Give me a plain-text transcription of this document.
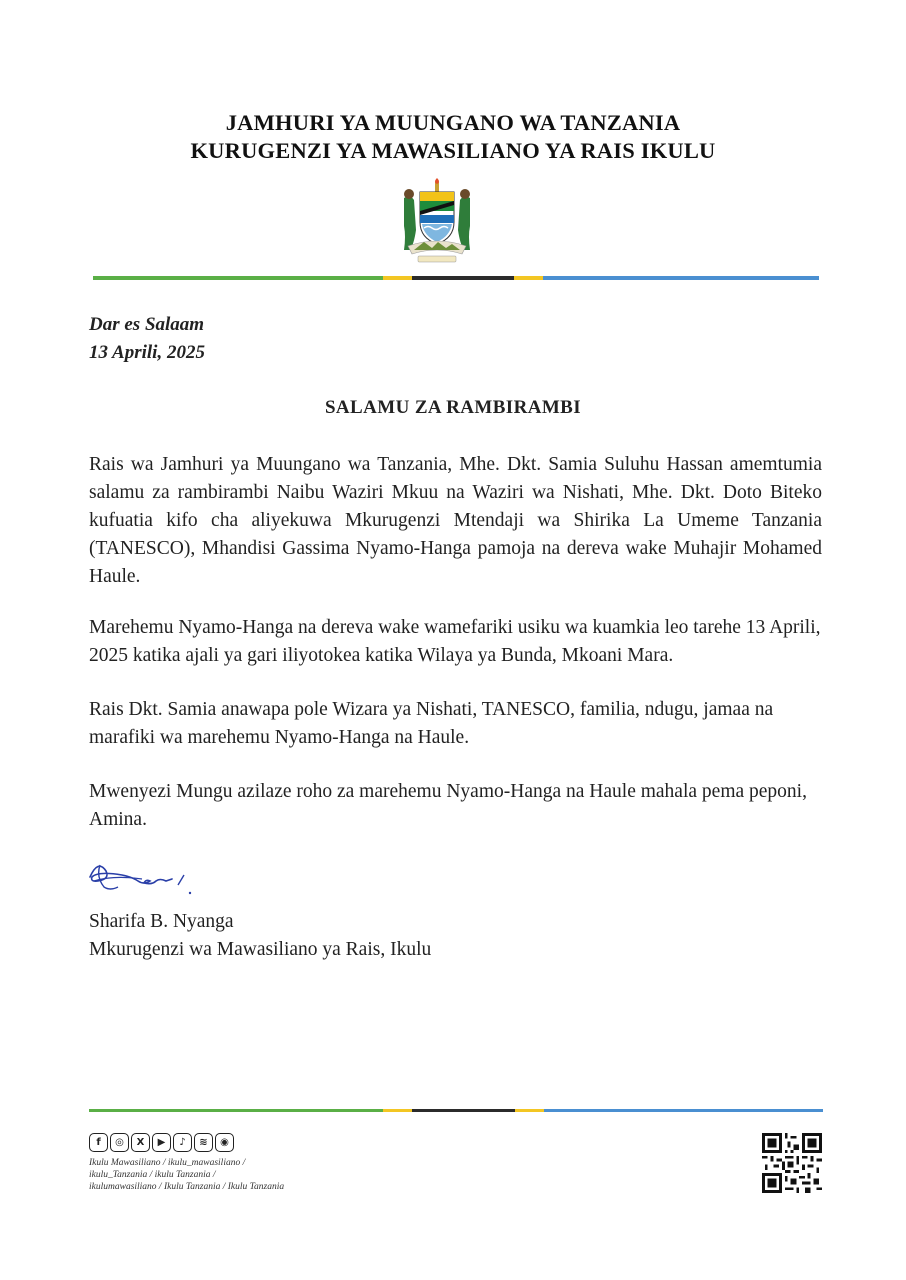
JAMHURI YA MUUNGANO WA TANZANIA
KURUGENZI YA MAWASILIANO YA RAIS IKULU
Dar es Salaam
13 Aprili, 2025
SALAMU ZA RAMBIRAMBI
Rais wa Jamhuri ya Muungano wa Tanzania, Mhe. Dkt. Samia Suluhu Hassan amemtumia salamu za rambirambi Naibu Waziri Mkuu na Waziri wa Nishati, Mhe. Dkt. Doto Biteko kufuatia kifo cha aliyekuwa Mkurugenzi Mtendaji wa Shirika La Umeme Tanzania (TANESCO), Mhandisi Gassima Nyamo-Hanga pamoja na dereva wake Muhajir Mohamed Haule.
Marehemu Nyamo-Hanga na dereva wake wamefariki usiku wa kuamkia leo tarehe 13 Aprili, 2025 katika ajali ya gari iliyotokea katika Wilaya ya Bunda, Mkoani Mara.
Rais Dkt. Samia anawapa pole Wizara ya Nishati, TANESCO, familia, ndugu, jamaa na marafiki wa marehemu Nyamo-Hanga na Haule.
Mwenyezi Mungu azilaze roho za marehemu Nyamo-Hanga na Haule mahala pema peponi, Amina.
Sharifa B. Nyanga
Mkurugenzi wa Mawasiliano ya Rais, Ikulu
f	◎	X	▶	♪	≋	◉
Ikulu Mawasiliano / ikulu_mawasiliano /
ikulu_Tanzania / ikulu Tanzania /
ikulumawasiliano / Ikulu Tanzania / Ikulu Tanzania
